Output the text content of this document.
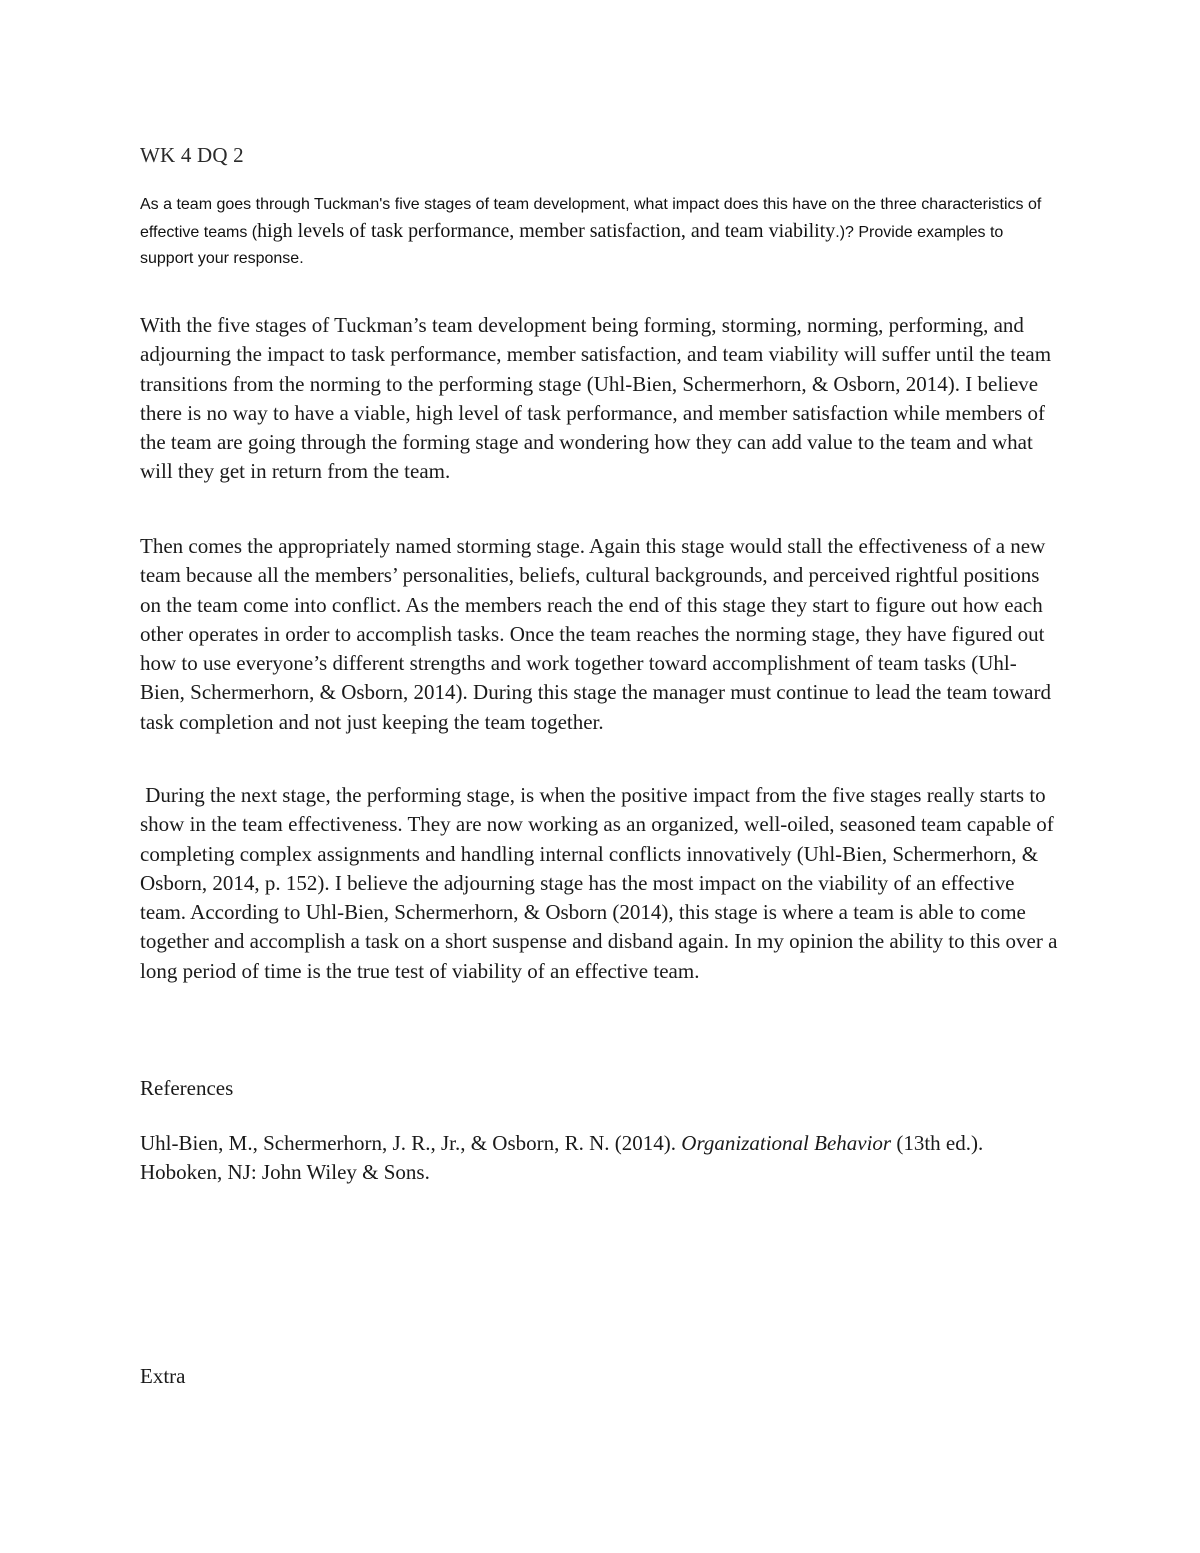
WK 4 DQ 2
As a team goes through Tuckman's five stages of team development, what impact does this have on the three characteristics of effective teams (high levels of task performance, member satisfaction, and team viability.)? Provide examples to support your response.

With the five stages of Tuckman’s team development being forming, storming, norming, performing, and adjourning the impact to task performance, member satisfaction, and team viability will suffer until the team transitions from the norming to the performing stage (Uhl-Bien, Schermerhorn, & Osborn, 2014). I believe there is no way to have a viable, high level of task performance, and member satisfaction while members of the team are going through the forming stage and wondering how they can add value to the team and what will they get in return from the team.

Then comes the appropriately named storming stage. Again this stage would stall the effectiveness of a new team because all the members’ personalities, beliefs, cultural backgrounds, and perceived rightful positions on the team come into conflict. As the members reach the end of this stage they start to figure out how each other operates in order to accomplish tasks. Once the team reaches the norming stage, they have figured out how to use everyone’s different strengths and work together toward accomplishment of team tasks (Uhl-Bien, Schermerhorn, & Osborn, 2014). During this stage the manager must continue to lead the team toward task completion and not just keeping the team together.

During the next stage, the performing stage, is when the positive impact from the five stages really starts to show in the team effectiveness. They are now working as an organized, well-oiled, seasoned team capable of completing complex assignments and handling internal conflicts innovatively (Uhl-Bien, Schermerhorn, & Osborn, 2014, p. 152). I believe the adjourning stage has the most impact on the viability of an effective team. According to Uhl-Bien, Schermerhorn, & Osborn (2014), this stage is where a team is able to come together and accomplish a task on a short suspense and disband again. In my opinion the ability to this over a long period of time is the true test of viability of an effective team.

References

Uhl-Bien, M., Schermerhorn, J. R., Jr., & Osborn, R. N. (2014). Organizational Behavior (13th ed.). Hoboken, NJ: John Wiley & Sons.

Extra
